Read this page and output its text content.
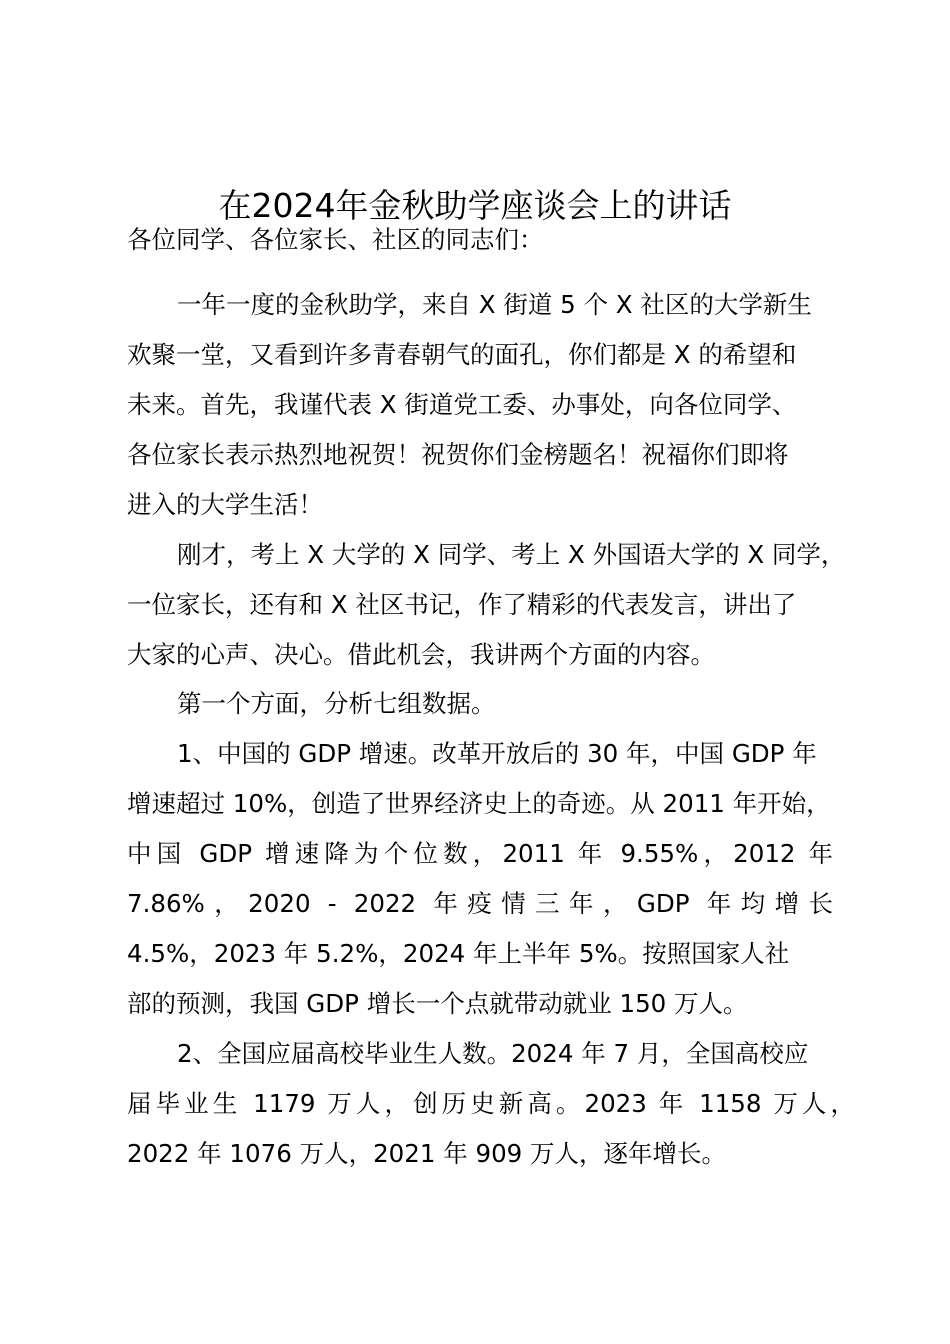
在2024年金秋助学座谈会上的讲话
各位同学、各位家长、社区的同志们：
一年一度的金秋助学，来自 X 街道 5 个 X 社区的大学新生
欢聚一堂，又看到许多青春朝气的面孔，你们都是 X 的希望和
未来。首先，我谨代表 X 街道党工委、办事处，向各位同学、
各位家长表示热烈地祝贺！祝贺你们金榜题名！祝福你们即将
进入的大学生活！
刚才，考上 X 大学的 X 同学、考上 X 外国语大学的 X 同学，
一位家长，还有和 X 社区书记，作了精彩的代表发言，讲出了
大家的心声、决心。借此机会，我讲两个方面的内容。
第一个方面，分析七组数据。
1、中国的 GDP 增速。改革开放后的 30 年，中国 GDP 年
增速超过 10%，创造了世界经济史上的奇迹。从 2011 年开始，
中国 GDP 增速降为个位数，2011 年 9.55%，2012 年
7.86%，2020 - 2022 年疫情三年，GDP 年均增长
4.5%，2023 年 5.2%，2024 年上半年 5%。按照国家人社
部的预测，我国 GDP 增长一个点就带动就业 150 万人。
2、全国应届高校毕业生人数。2024 年 7 月，全国高校应
届毕业生 1179 万人，创历史新高。2023 年 1158 万人，
2022 年 1076 万人，2021 年 909 万人，逐年增长。
